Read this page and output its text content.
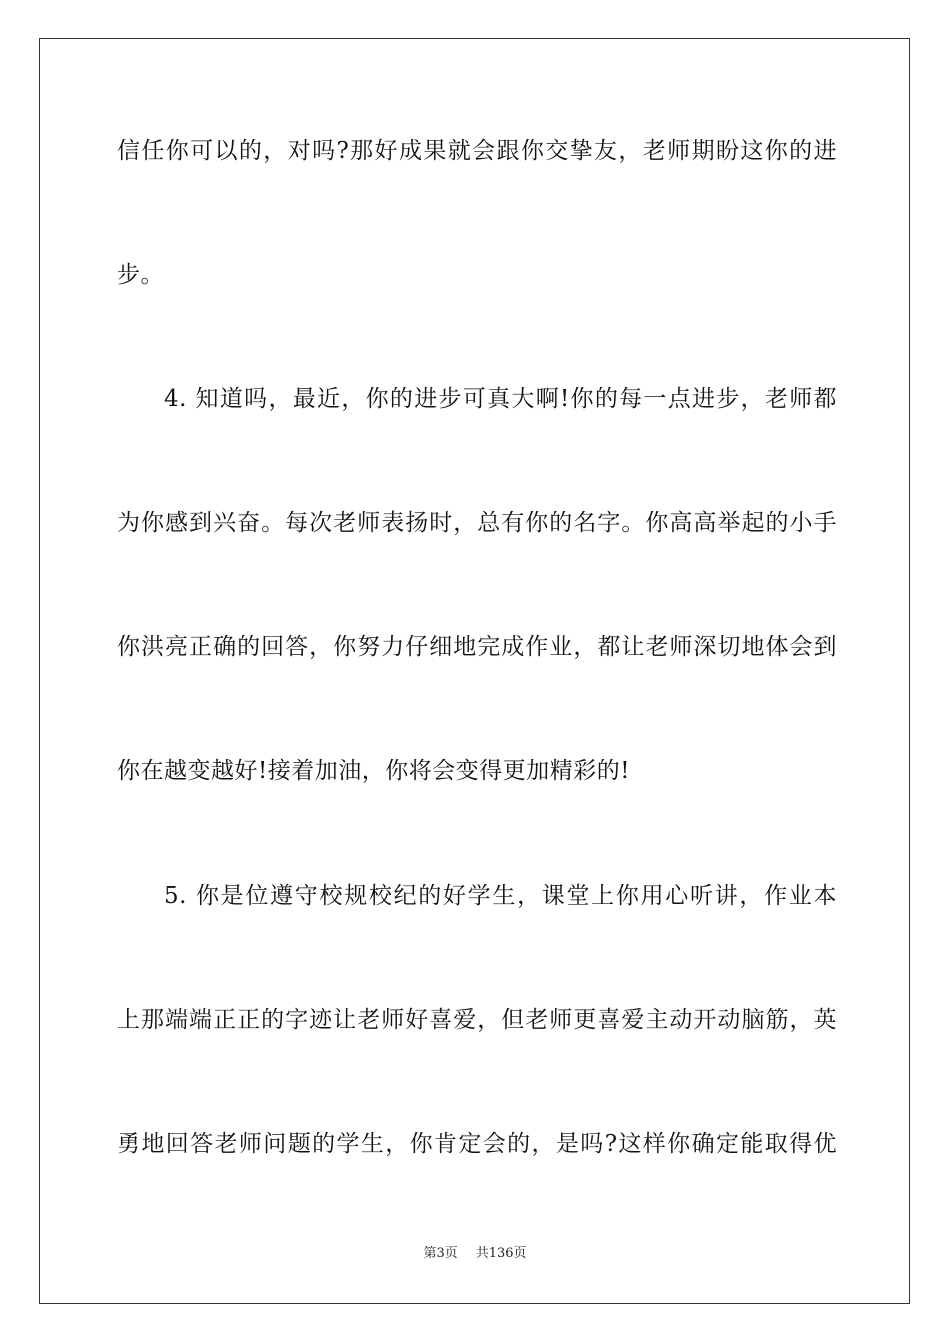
信任你可以的，对吗?那好成果就会跟你交挚友，老师期盼这你的进
步。
4. 知道吗，最近，你的进步可真大啊!你的每一点进步，老师都
为你感到兴奋。每次老师表扬时，总有你的名字。你高高举起的小手
你洪亮正确的回答，你努力仔细地完成作业，都让老师深切地体会到
你在越变越好!接着加油，你将会变得更加精彩的!
5. 你是位遵守校规校纪的好学生，课堂上你用心听讲，作业本
上那端端正正的字迹让老师好喜爱，但老师更喜爱主动开动脑筋，英
勇地回答老师问题的学生，你肯定会的，是吗?这样你确定能取得优
第3页 共136页
